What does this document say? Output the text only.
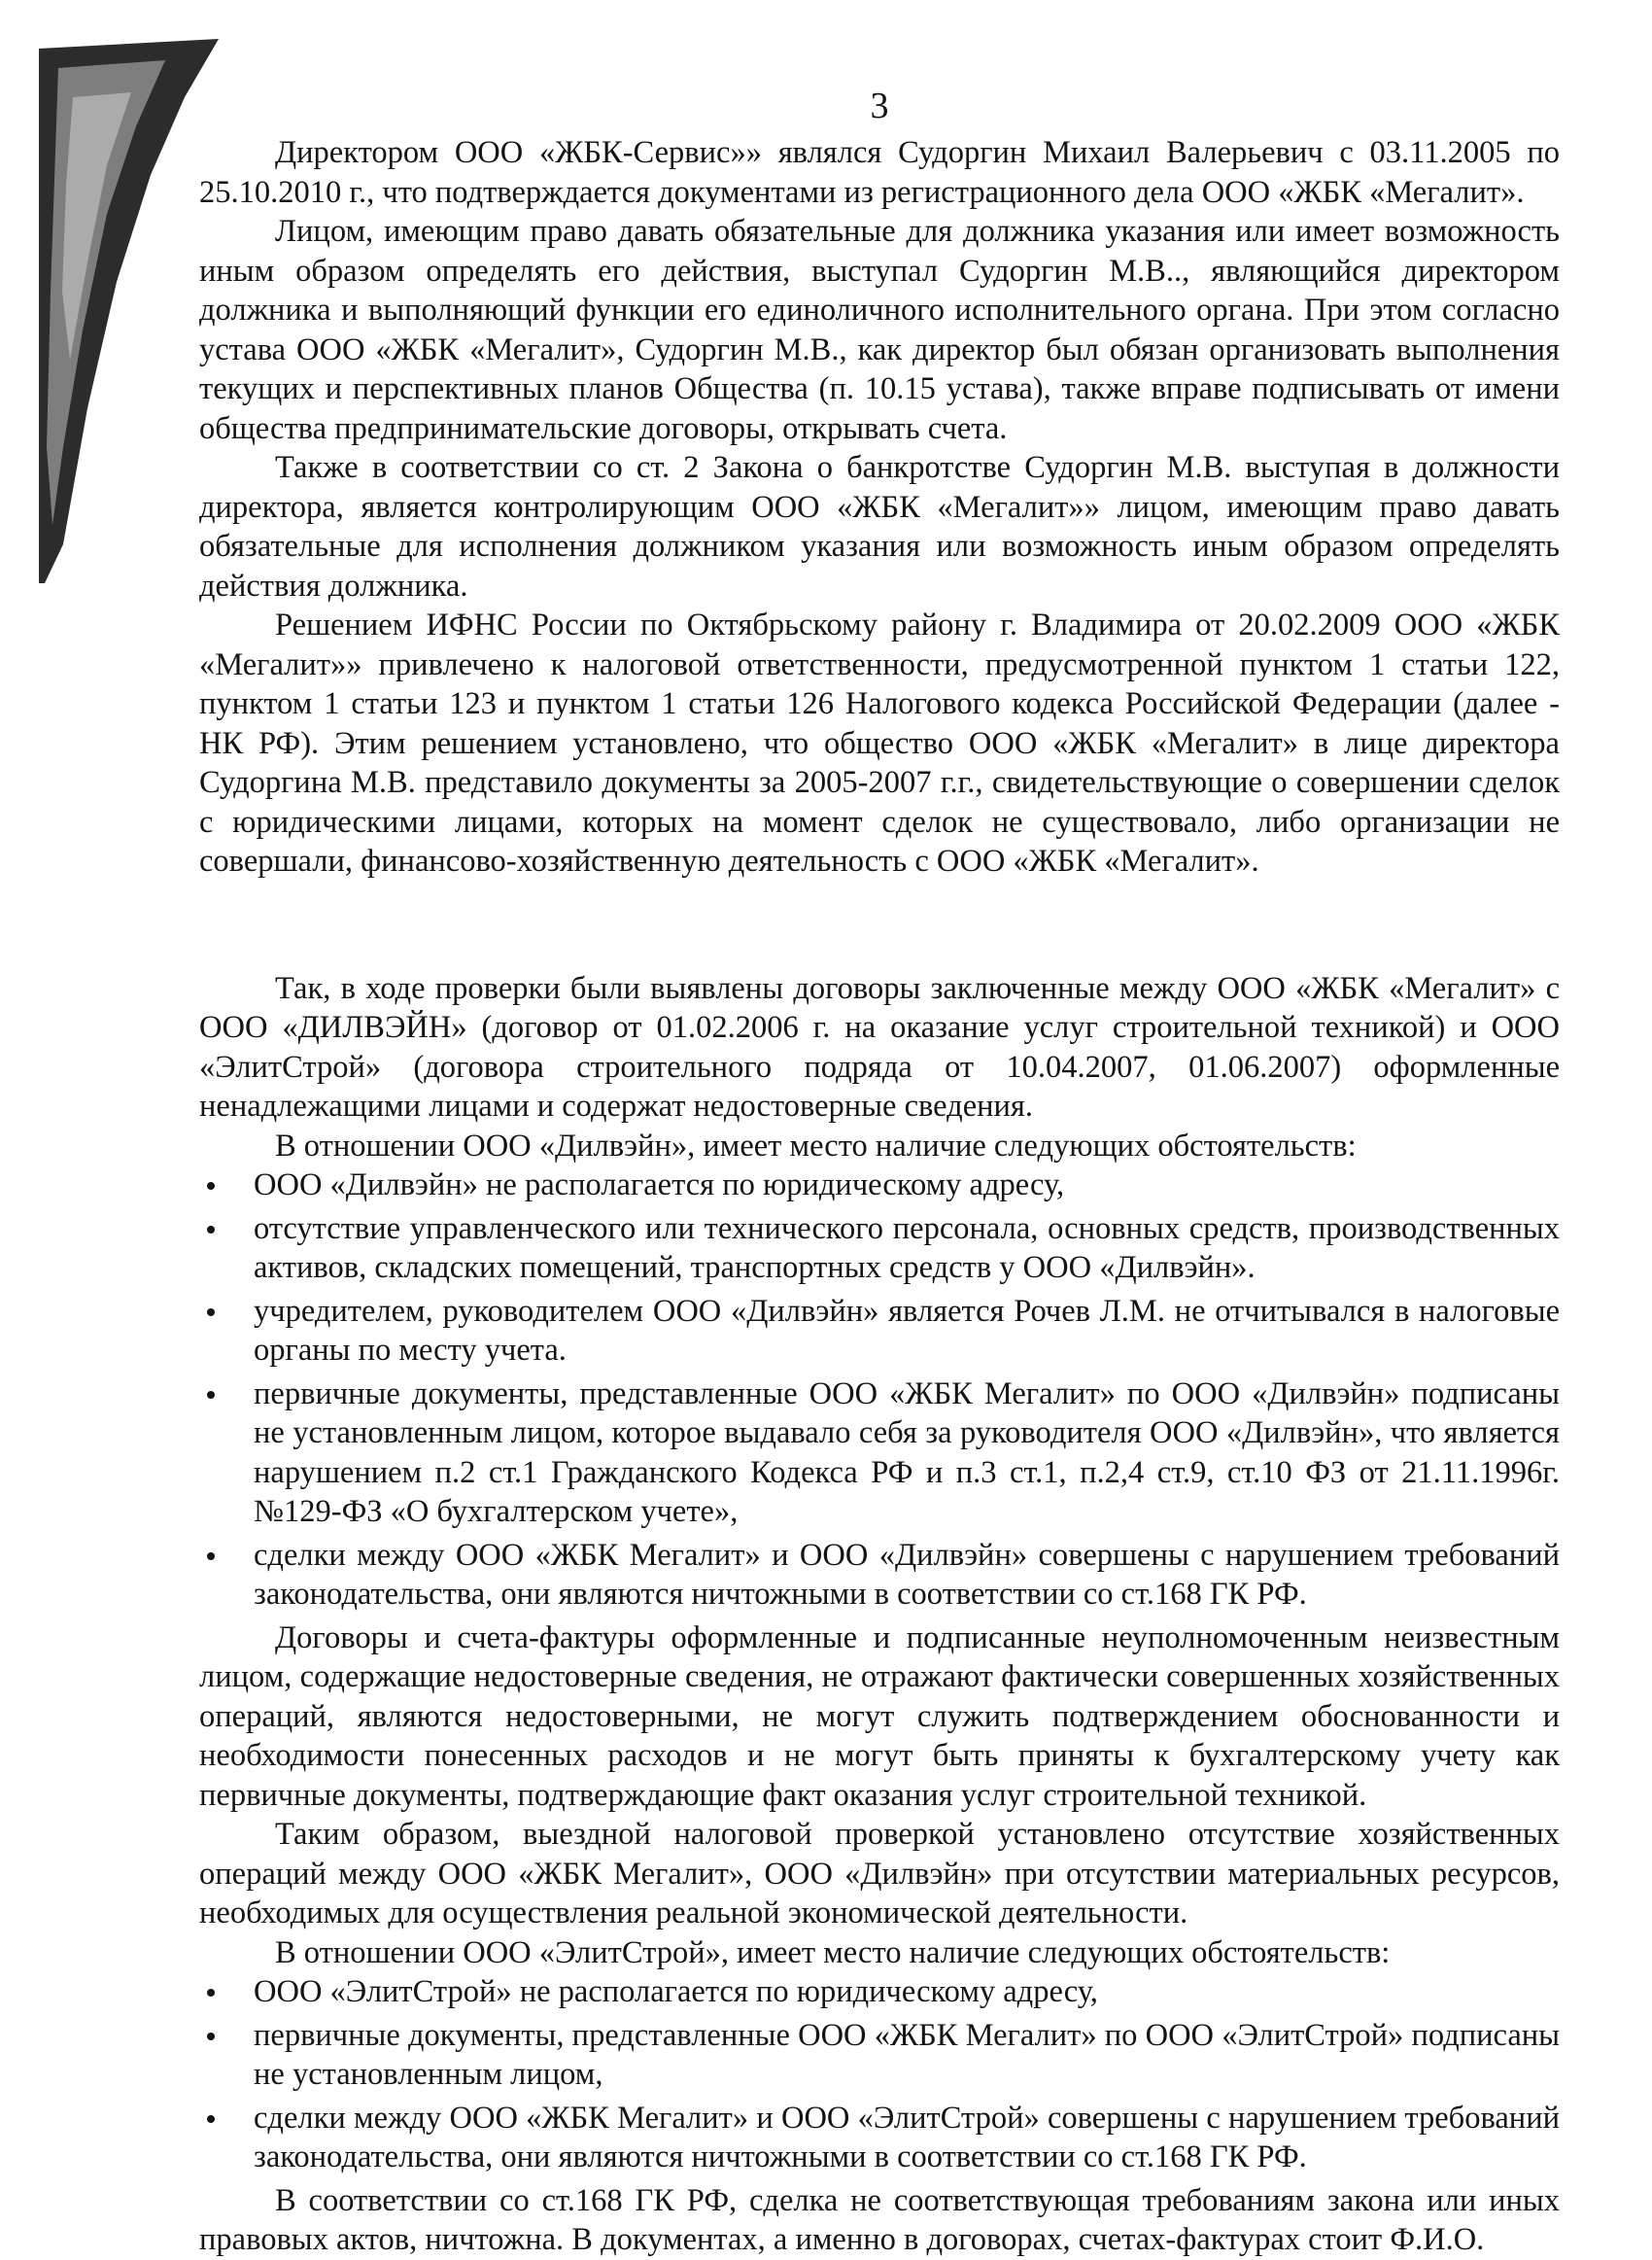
3

Директором ООО «ЖБК-Сервис»» являлся Судоргин Михаил Валерьевич с 03.11.2005 по 25.10.2010 г., что подтверждается документами из регистрационного дела ООО «ЖБК «Мегалит».

Лицом, имеющим право давать обязательные для должника указания или имеет возможность иным образом определять его действия, выступал Судоргин М.В.., являющийся директором должника и выполняющий функции его единоличного исполнительного органа. При этом согласно устава ООО «ЖБК «Мегалит», Судоргин М.В., как директор был обязан организовать выполнения текущих и перспективных планов Общества (п. 10.15 устава), также вправе подписывать от имени общества предпринимательские договоры, открывать счета.

Также в соответствии со ст. 2 Закона о банкротстве Судоргин М.В. выступая в должности директора, является контролирующим ООО «ЖБК «Мегалит»» лицом, имеющим право давать обязательные для исполнения должником указания или возможность иным образом определять действия должника.

Решением ИФНС России по Октябрьскому району г. Владимира от 20.02.2009 ООО «ЖБК «Мегалит»» привлечено к налоговой ответственности, предусмотренной пунктом 1 статьи 122, пунктом 1 статьи 123 и пунктом 1 статьи 126 Налогового кодекса Российской Федерации (далее - НК РФ). Этим решением установлено, что общество ООО «ЖБК «Мегалит» в лице директора Судоргина М.В. представило документы за 2005-2007 г.г., свидетельствующие о совершении сделок с юридическими лицами, которых на момент сделок не существовало, либо организации не совершали, финансово-хозяйственную деятельность с ООО «ЖБК «Мегалит».

Так, в ходе проверки были выявлены договоры заключенные между ООО «ЖБК «Мегалит» с ООО «ДИЛВЭЙН» (договор от 01.02.2006 г. на оказание услуг строительной техникой) и ООО «ЭлитСтрой» (договора строительного подряда от 10.04.2007, 01.06.2007) оформленные ненадлежащими лицами и содержат недостоверные сведения.

В отношении ООО «Дилвэйн», имеет место наличие следующих обстоятельств:

ООО «Дилвэйн» не располагается по юридическому адресу,
отсутствие управленческого или технического персонала, основных средств, производственных активов, складских помещений, транспортных средств у ООО «Дилвэйн».
учредителем, руководителем ООО «Дилвэйн» является Рочев Л.М. не отчитывался в налоговые органы по месту учета.
первичные документы, представленные ООО «ЖБК Мегалит» по ООО «Дилвэйн» подписаны не установленным лицом, которое выдавало себя за руководителя ООО «Дилвэйн», что является нарушением п.2 ст.1 Гражданского Кодекса РФ и п.3 ст.1, п.2,4 ст.9, ст.10 ФЗ от 21.11.1996г. №129-ФЗ «О бухгалтерском учете»,
сделки между ООО «ЖБК Мегалит» и ООО «Дилвэйн» совершены с нарушением требований законодательства, они являются ничтожными в соответствии со ст.168 ГК РФ.

Договоры и счета-фактуры оформленные и подписанные неуполномоченным неизвестным лицом, содержащие недостоверные сведения, не отражают фактически совершенных хозяйственных операций, являются недостоверными, не могут служить подтверждением обоснованности и необходимости понесенных расходов и не могут быть приняты к бухгалтерскому учету как первичные документы, подтверждающие факт оказания услуг строительной техникой.

Таким образом, выездной налоговой проверкой установлено отсутствие хозяйственных операций между ООО «ЖБК Мегалит», ООО «Дилвэйн» при отсутствии материальных ресурсов, необходимых для осуществления реальной экономической деятельности.

В отношении ООО «ЭлитСтрой», имеет место наличие следующих обстоятельств:

ООО «ЭлитСтрой» не располагается по юридическому адресу,
первичные документы, представленные ООО «ЖБК Мегалит» по ООО «ЭлитСтрой» подписаны не установленным лицом,
сделки между ООО «ЖБК Мегалит» и ООО «ЭлитСтрой» совершены с нарушением требований законодательства, они являются ничтожными в соответствии со ст.168 ГК РФ.

В соответствии со ст.168 ГК РФ, сделка не соответствующая требованиям закона или иных правовых актов, ничтожна. В документах, а именно в договорах, счетах-фактурах стоит Ф.И.О.
